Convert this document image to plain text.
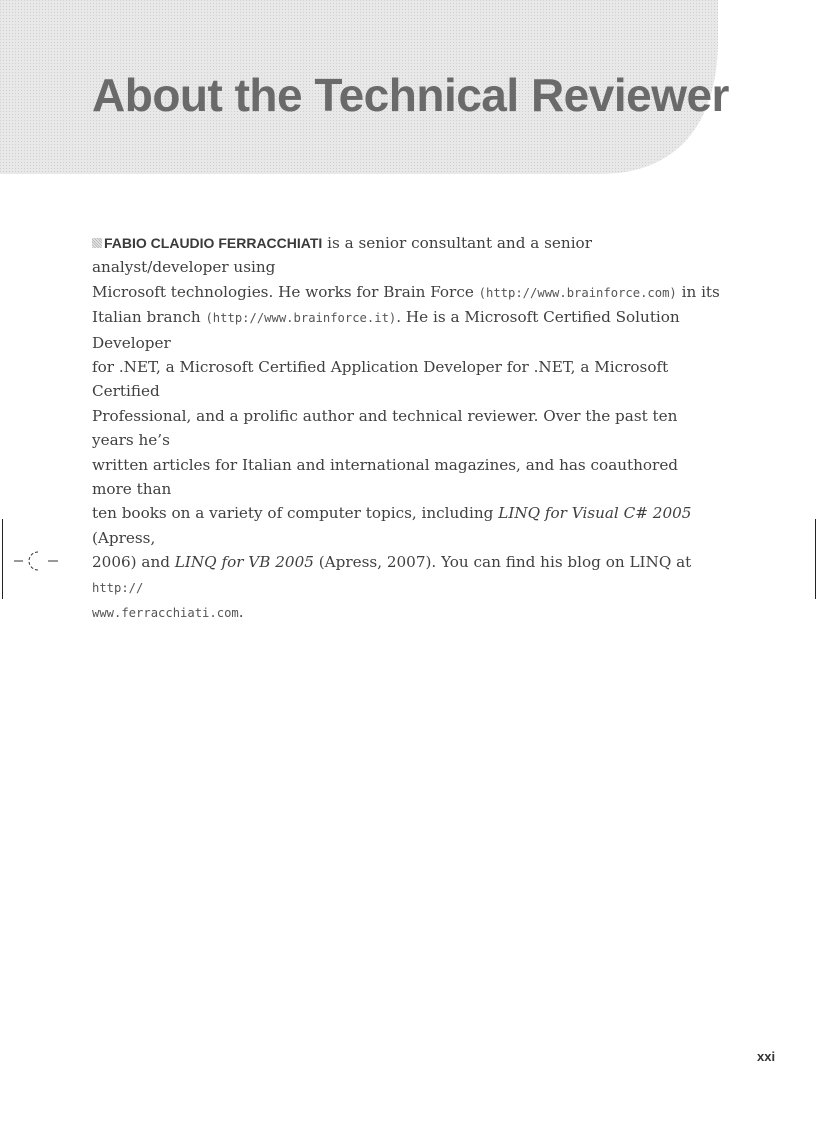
About the Technical Reviewer

FABIO CLAUDIO FERRACCHIATI is a senior consultant and a senior analyst/developer using
Microsoft technologies. He works for Brain Force (http://www.brainforce.com) in its
Italian branch (http://www.brainforce.it). He is a Microsoft Certified Solution Developer
for .NET, a Microsoft Certified Application Developer for .NET, a Microsoft Certified
Professional, and a prolific author and technical reviewer. Over the past ten years he’s
written articles for Italian and international magazines, and has coauthored more than
ten books on a variety of computer topics, including LINQ for Visual C# 2005 (Apress,
2006) and LINQ for VB 2005 (Apress, 2007). You can find his blog on LINQ at http://
www.ferracchiati.com.

xxi
